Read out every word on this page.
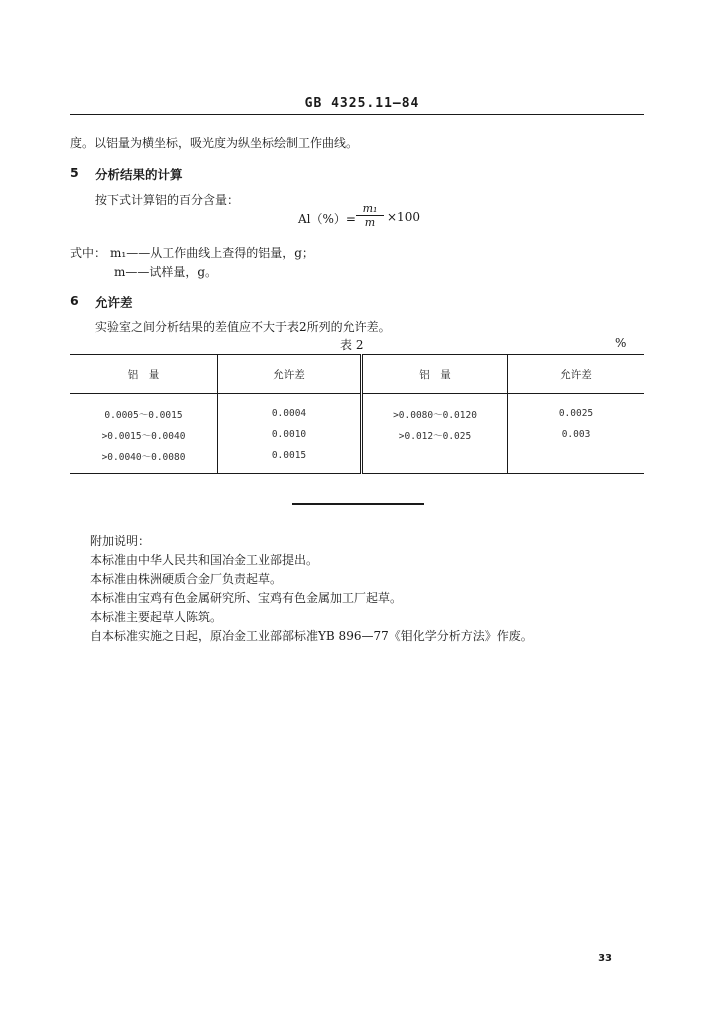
GB 4325.11—84
度。以铝量为横坐标，吸光度为纵坐标绘制工作曲线。
5 分析结果的计算
按下式计算铝的百分含量：
$Al(\%)= \frac{\text{m₁}}{m} \times 100$
式中： m₁——从工作曲线上查得的铝量，g；
m——试样量，g。
6 允许差
实验室之间分析结果的差值应不大于表2所列的允许差。
表 2	%
铝　量	允许差	铝　量	允许差
0.0005～0.0015	0.0004	>0.0080～0.0120	0.0025
>0.0015～0.0040	0.0010	>0.012～0.025	0.003
>0.0040～0.0080	0.0015		
附加说明：
本标准由中华人民共和国冶金工业部提出。
本标准由株洲硬质合金厂负责起草。
本标准由宝鸡有色金属研究所、宝鸡有色金属加工厂起草。
本标准主要起草人陈筑。
自本标准实施之日起，原冶金工业部部标准YB 896—77《钼化学分析方法》作废。
33
